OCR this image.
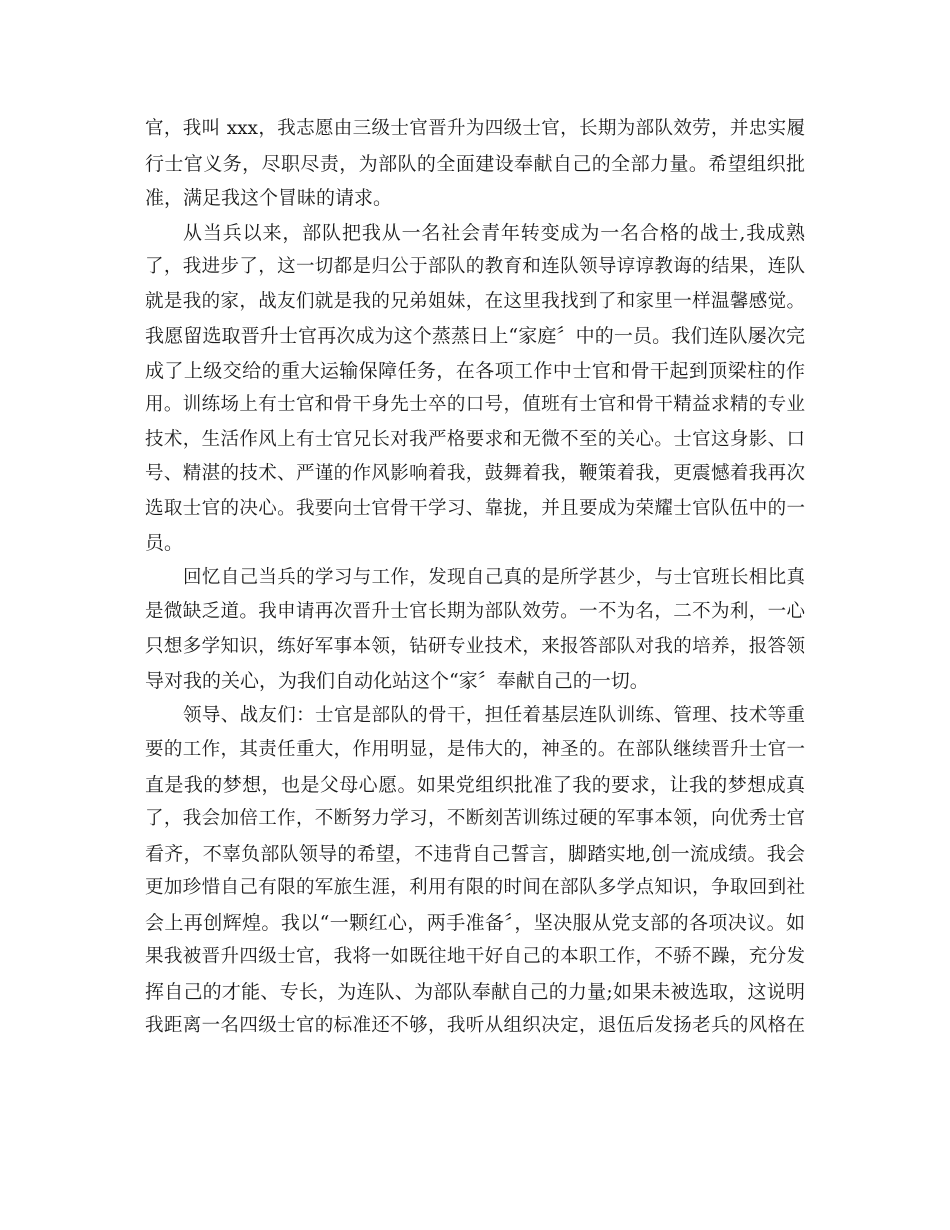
官，我叫 xxx，我志愿由三级士官晋升为四级士官，长期为部队效劳，并忠实履
行士官义务，尽职尽责，为部队的全面建设奉献自己的全部力量。希望组织批
准，满足我这个冒昧的请求。
从当兵以来，部队把我从一名社会青年转变成为一名合格的战士,我成熟
了，我进步了，这一切都是归公于部队的教育和连队领导谆谆教诲的结果，连队
就是我的家，战友们就是我的兄弟姐妹，在这里我找到了和家里一样温馨感觉。
我愿留选取晋升士官再次成为这个蒸蒸日上“家庭〞中的一员。我们连队屡次完
成了上级交给的重大运输保障任务，在各项工作中士官和骨干起到顶梁柱的作
用。训练场上有士官和骨干身先士卒的口号，值班有士官和骨干精益求精的专业
技术，生活作风上有士官兄长对我严格要求和无微不至的关心。士官这身影、口
号、精湛的技术、严谨的作风影响着我，鼓舞着我，鞭策着我，更震憾着我再次
选取士官的决心。我要向士官骨干学习、靠拢，并且要成为荣耀士官队伍中的一
员。
回忆自己当兵的学习与工作，发现自己真的是所学甚少，与士官班长相比真
是微缺乏道。我申请再次晋升士官长期为部队效劳。一不为名，二不为利，一心
只想多学知识，练好军事本领，钻研专业技术，来报答部队对我的培养，报答领
导对我的关心，为我们自动化站这个“家〞奉献自己的一切。
领导、战友们：士官是部队的骨干，担任着基层连队训练、管理、技术等重
要的工作，其责任重大，作用明显，是伟大的，神圣的。在部队继续晋升士官一
直是我的梦想，也是父母心愿。如果党组织批准了我的要求，让我的梦想成真
了，我会加倍工作，不断努力学习，不断刻苦训练过硬的军事本领，向优秀士官
看齐，不辜负部队领导的希望，不违背自己誓言，脚踏实地,创一流成绩。我会
更加珍惜自己有限的军旅生涯，利用有限的时间在部队多学点知识，争取回到社
会上再创辉煌。我以“一颗红心，两手准备〞，坚决服从党支部的各项决议。如
果我被晋升四级士官，我将一如既往地干好自己的本职工作，不骄不躁，充分发
挥自己的才能、专长，为连队、为部队奉献自己的力量;如果未被选取，这说明
我距离一名四级士官的标准还不够，我听从组织决定，退伍后发扬老兵的风格在
